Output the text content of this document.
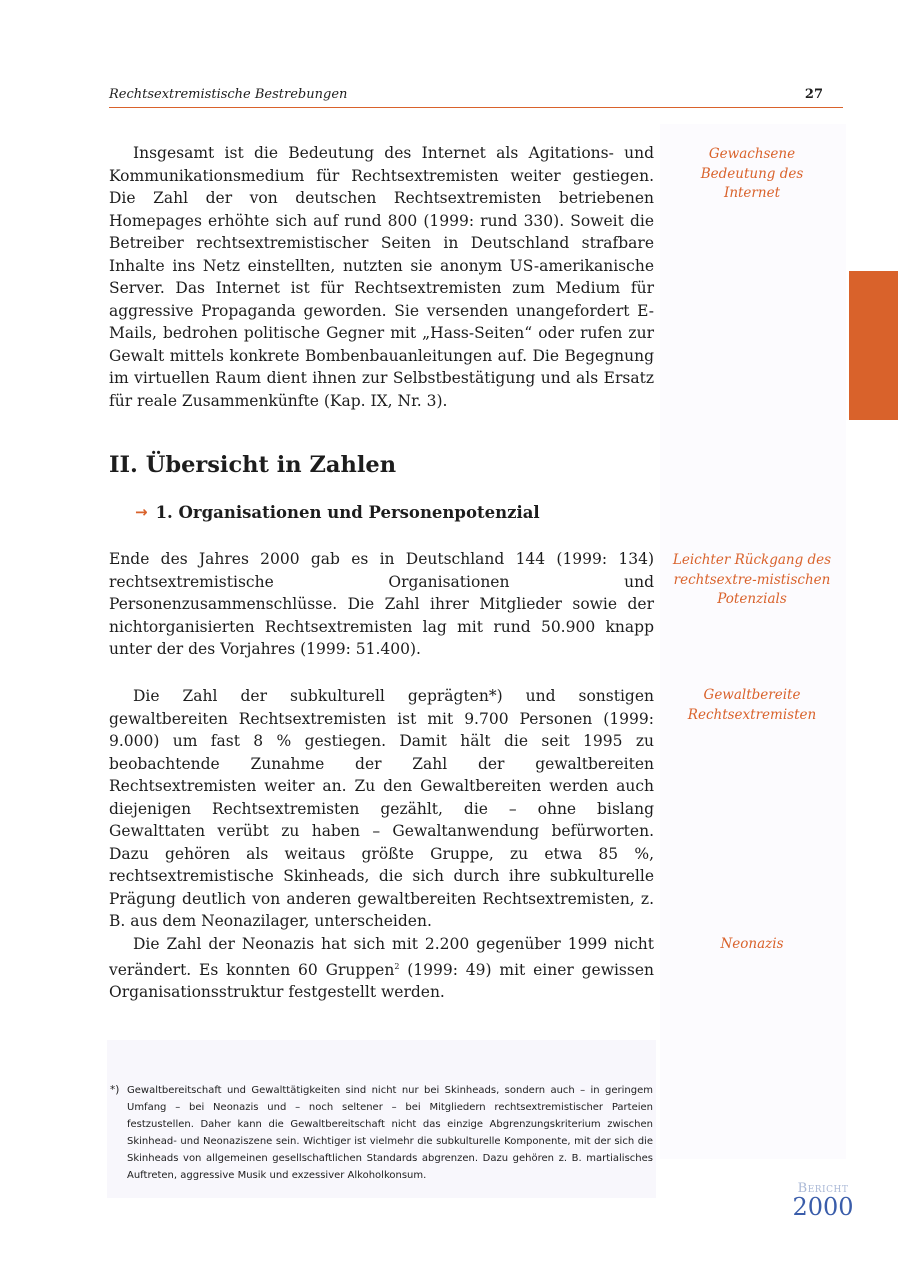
Rechtsextremistische Bestrebungen	27

Insgesamt ist die Bedeutung des Internet als Agitations- und Kommunikationsmedium für Rechtsextremisten weiter gestiegen. Die Zahl der von deutschen Rechtsextremisten betriebenen Homepages erhöhte sich auf rund 800 (1999: rund 330). Soweit die Betreiber rechtsextremistischer Seiten in Deutschland strafbare Inhalte ins Netz einstellten, nutzten sie anonym US-amerikanische Server. Das Internet ist für Rechtsextremisten zum Medium für aggressive Propaganda geworden. Sie versenden unangefordert E-Mails, bedrohen politische Gegner mit „Hass-Seiten“ oder rufen zur Gewalt mittels konkrete Bombenbauanleitungen auf. Die Begegnung im virtuellen Raum dient ihnen zur Selbstbestätigung und als Ersatz für reale Zusammenkünfte (Kap. IX, Nr. 3).

Gewachsene Bedeutung des Internet
II. Übersicht in Zahlen
→ 1. Organisationen und Personenpotenzial

Ende des Jahres 2000 gab es in Deutschland 144 (1999: 134) rechtsextremistische Organisationen und Personenzusammenschlüsse. Die Zahl ihrer Mitglieder sowie der nichtorganisierten Rechtsextremisten lag mit rund 50.900 knapp unter der des Vorjahres (1999: 51.400).

Leichter Rückgang des rechtsextre-mistischen Potenzials

Die Zahl der subkulturell geprägten*) und sonstigen gewaltbereiten Rechtsextremisten ist mit 9.700 Personen (1999: 9.000) um fast 8 % gestiegen. Damit hält die seit 1995 zu beobachtende Zunahme der Zahl der gewaltbereiten Rechtsextremisten weiter an. Zu den Gewaltbereiten werden auch diejenigen Rechtsextremisten gezählt, die – ohne bislang Gewalttaten verübt zu haben – Gewaltanwendung befürworten. Dazu gehören als weitaus größte Gruppe, zu etwa 85 %, rechtsextremistische Skinheads, die sich durch ihre subkulturelle Prägung deutlich von anderen gewaltbereiten Rechtsextremisten, z. B. aus dem Neonazilager, unterscheiden.

Gewaltbereite Rechtsextremisten

Die Zahl der Neonazis hat sich mit 2.200 gegenüber 1999 nicht verändert. Es konnten 60 Gruppen$^2$ (1999: 49) mit einer gewissen Organisationsstruktur festgestellt werden.

Neonazis
*) Gewaltbereitschaft und Gewalttätigkeiten sind nicht nur bei Skinheads, sondern auch – in geringem Umfang – bei Neonazis und – noch seltener – bei Mitgliedern rechtsextremistischer Parteien festzustellen. Daher kann die Gewaltbereitschaft nicht das einzige Abgrenzungskriterium zwischen Skinhead- und Neonaziszene sein. Wichtiger ist vielmehr die subkulturelle Komponente, mit der sich die Skinheads von allgemeinen gesellschaftlichen Standards abgrenzen. Dazu gehören z. B. martialisches Auftreten, aggressive Musik und exzessiver Alkoholkonsum.

Bericht
2000
